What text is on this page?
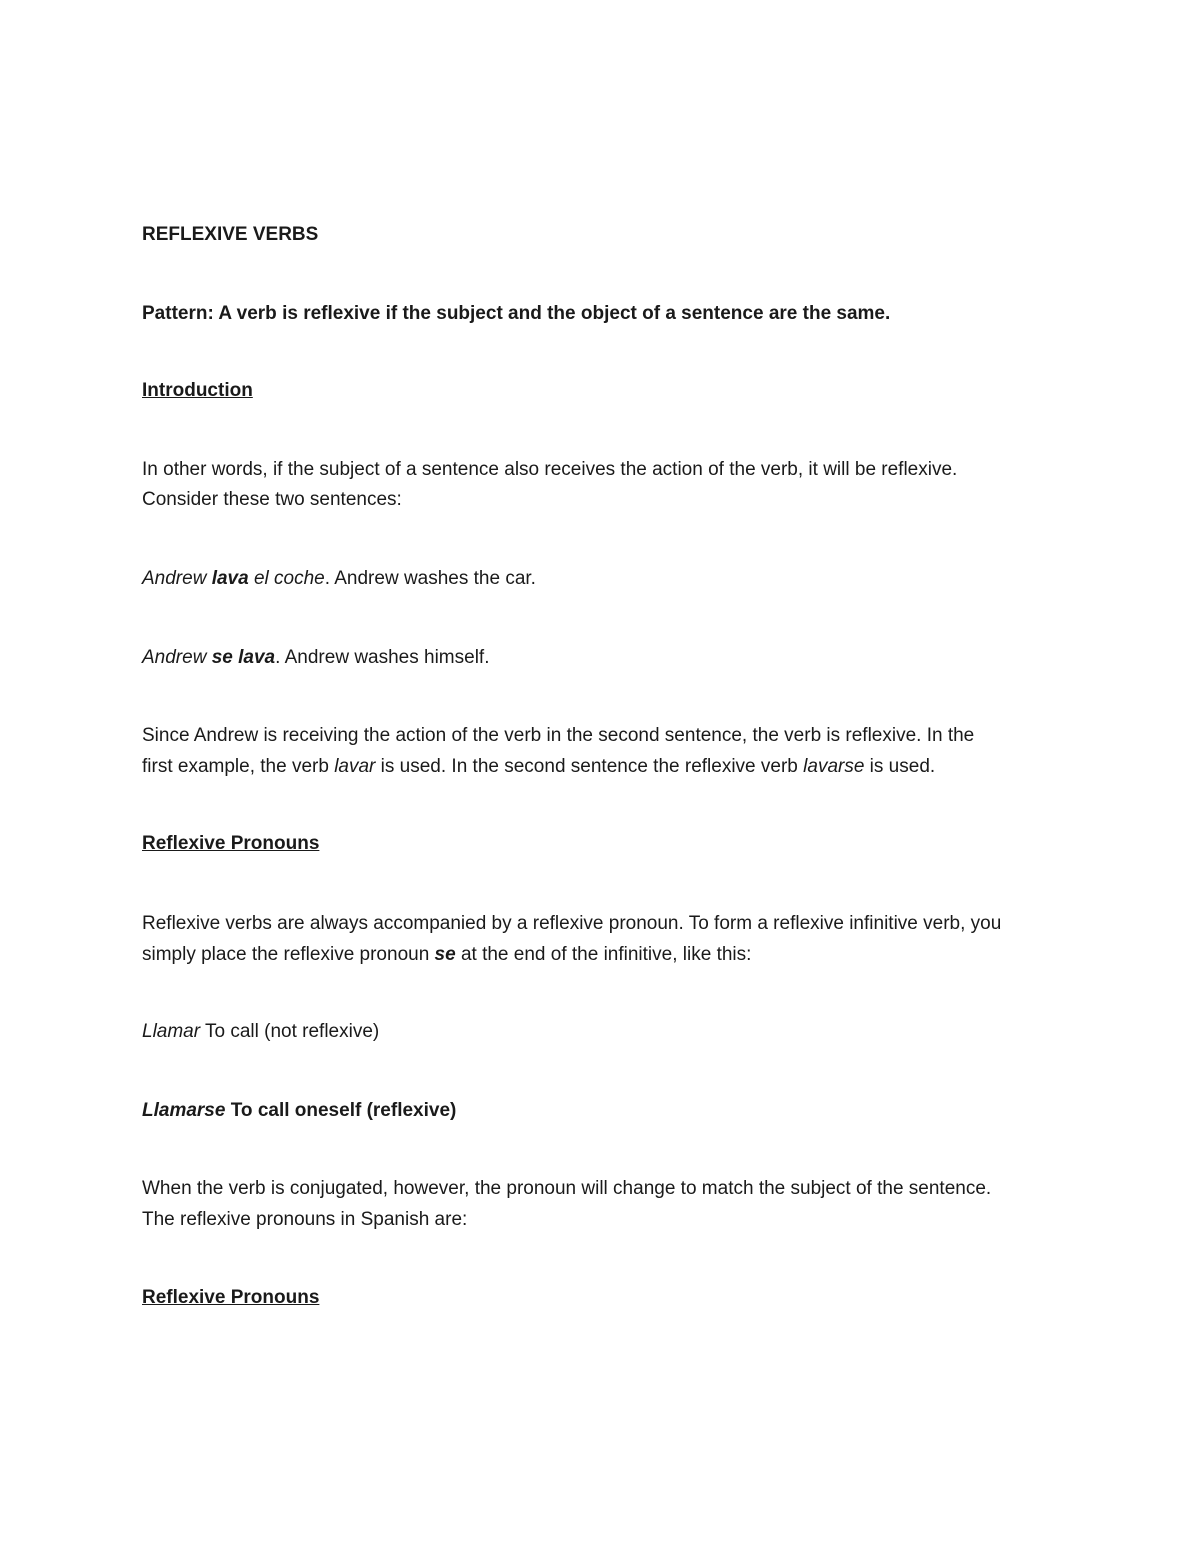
REFLEXIVE VERBS
Pattern: A verb is reflexive if the subject and the object of a sentence are the same.
Introduction
In other words, if the subject of a sentence also receives the action of the verb, it will be reflexive.
Consider these two sentences:
Andrew lava el coche. Andrew washes the car.
Andrew se lava. Andrew washes himself.
Since Andrew is receiving the action of the verb in the second sentence, the verb is reflexive. In the
first example, the verb lavar is used. In the second sentence the reflexive verb lavarse is used.
Reflexive Pronouns
Reflexive verbs are always accompanied by a reflexive pronoun. To form a reflexive infinitive verb, you
simply place the reflexive pronoun se at the end of the infinitive, like this:
Llamar To call (not reflexive)
Llamarse To call oneself (reflexive)
When the verb is conjugated, however, the pronoun will change to match the subject of the sentence.
The reflexive pronouns in Spanish are:
Reflexive Pronouns
